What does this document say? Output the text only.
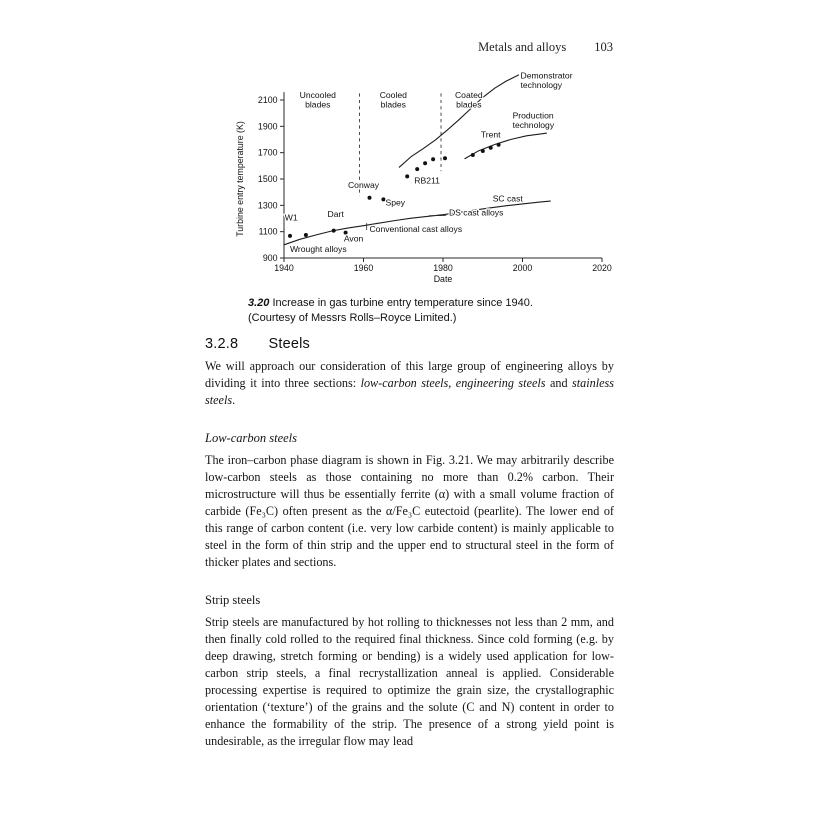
Metals and alloys 103
900
1100
1300
1500
1700
1900
2100
1940	1960	1980	2000	2020
Date
Turbine entry temperature (K)
Uncooled
blades
Cooled
blades
Coated
blades
W1	Dart
Avon
Conway
Spey
RB211
Trent
SC cast
DS cast alloys
Conventional cast alloys
Wrought alloys
Demonstrator
technology
Production
technology
3.20 Increase in gas turbine entry temperature since 1940.
(Courtesy of Messrs Rolls–Royce Limited.)
3.2.8 Steels

We will approach our consideration of this large group of engineering alloys by dividing it into three sections: low-carbon steels, engineering steels and stainless steels.

Low-carbon steels

The iron–carbon phase diagram is shown in Fig. 3.21. We may arbitrarily describe low-carbon steels as those containing no more than 0.2% carbon. Their microstructure will thus be essentially ferrite (α) with a small volume fraction of carbide (Fe₃C) often present as the α/Fe₃C eutectoid (pearlite). The lower end of this range of carbon content (i.e. very low carbide content) is mainly applicable to steel in the form of thin strip and the upper end to structural steel in the form of thicker plates and sections.

Strip steels

Strip steels are manufactured by hot rolling to thicknesses not less than 2 mm, and then finally cold rolled to the required final thickness. Since cold forming (e.g. by deep drawing, stretch forming or bending) is a widely used application for low-carbon strip steels, a final recrystallization anneal is applied. Considerable processing expertise is required to optimize the grain size, the crystallographic orientation (‘texture’) of the grains and the solute (C and N) content in order to enhance the formability of the strip. The presence of a strong yield point is undesirable, as the irregular flow may lead
